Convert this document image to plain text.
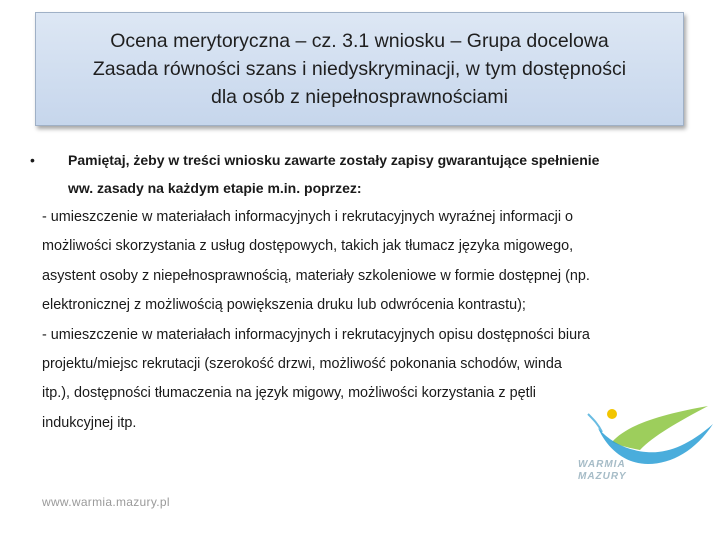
Ocena merytoryczna – cz. 3.1 wniosku – Grupa docelowa
Zasada równości szans i niedyskryminacji, w tym dostępności
dla osób z niepełnosprawnościami
• Pamiętaj, żeby w treści wniosku zawarte zostały zapisy gwarantujące spełnienie
ww. zasady na każdym etapie m.in. poprzez:
- umieszczenie w materiałach informacyjnych i rekrutacyjnych wyraźnej informacji o
możliwości skorzystania z usług dostępowych, takich jak tłumacz języka migowego,
asystent osoby z niepełnosprawnością, materiały szkoleniowe w formie dostępnej (np.
elektronicznej z możliwością powiększenia druku lub odwrócenia kontrastu);
- umieszczenie w materiałach informacyjnych i rekrutacyjnych opisu dostępności biura
projektu/miejsc rekrutacji (szerokość drzwi, możliwość pokonania schodów, winda
itp.), dostępności tłumaczenia na język migowy, możliwości korzystania z pętli
indukcyjnej itp.
WARMIA
MAZURY
www.warmia.mazury.pl
